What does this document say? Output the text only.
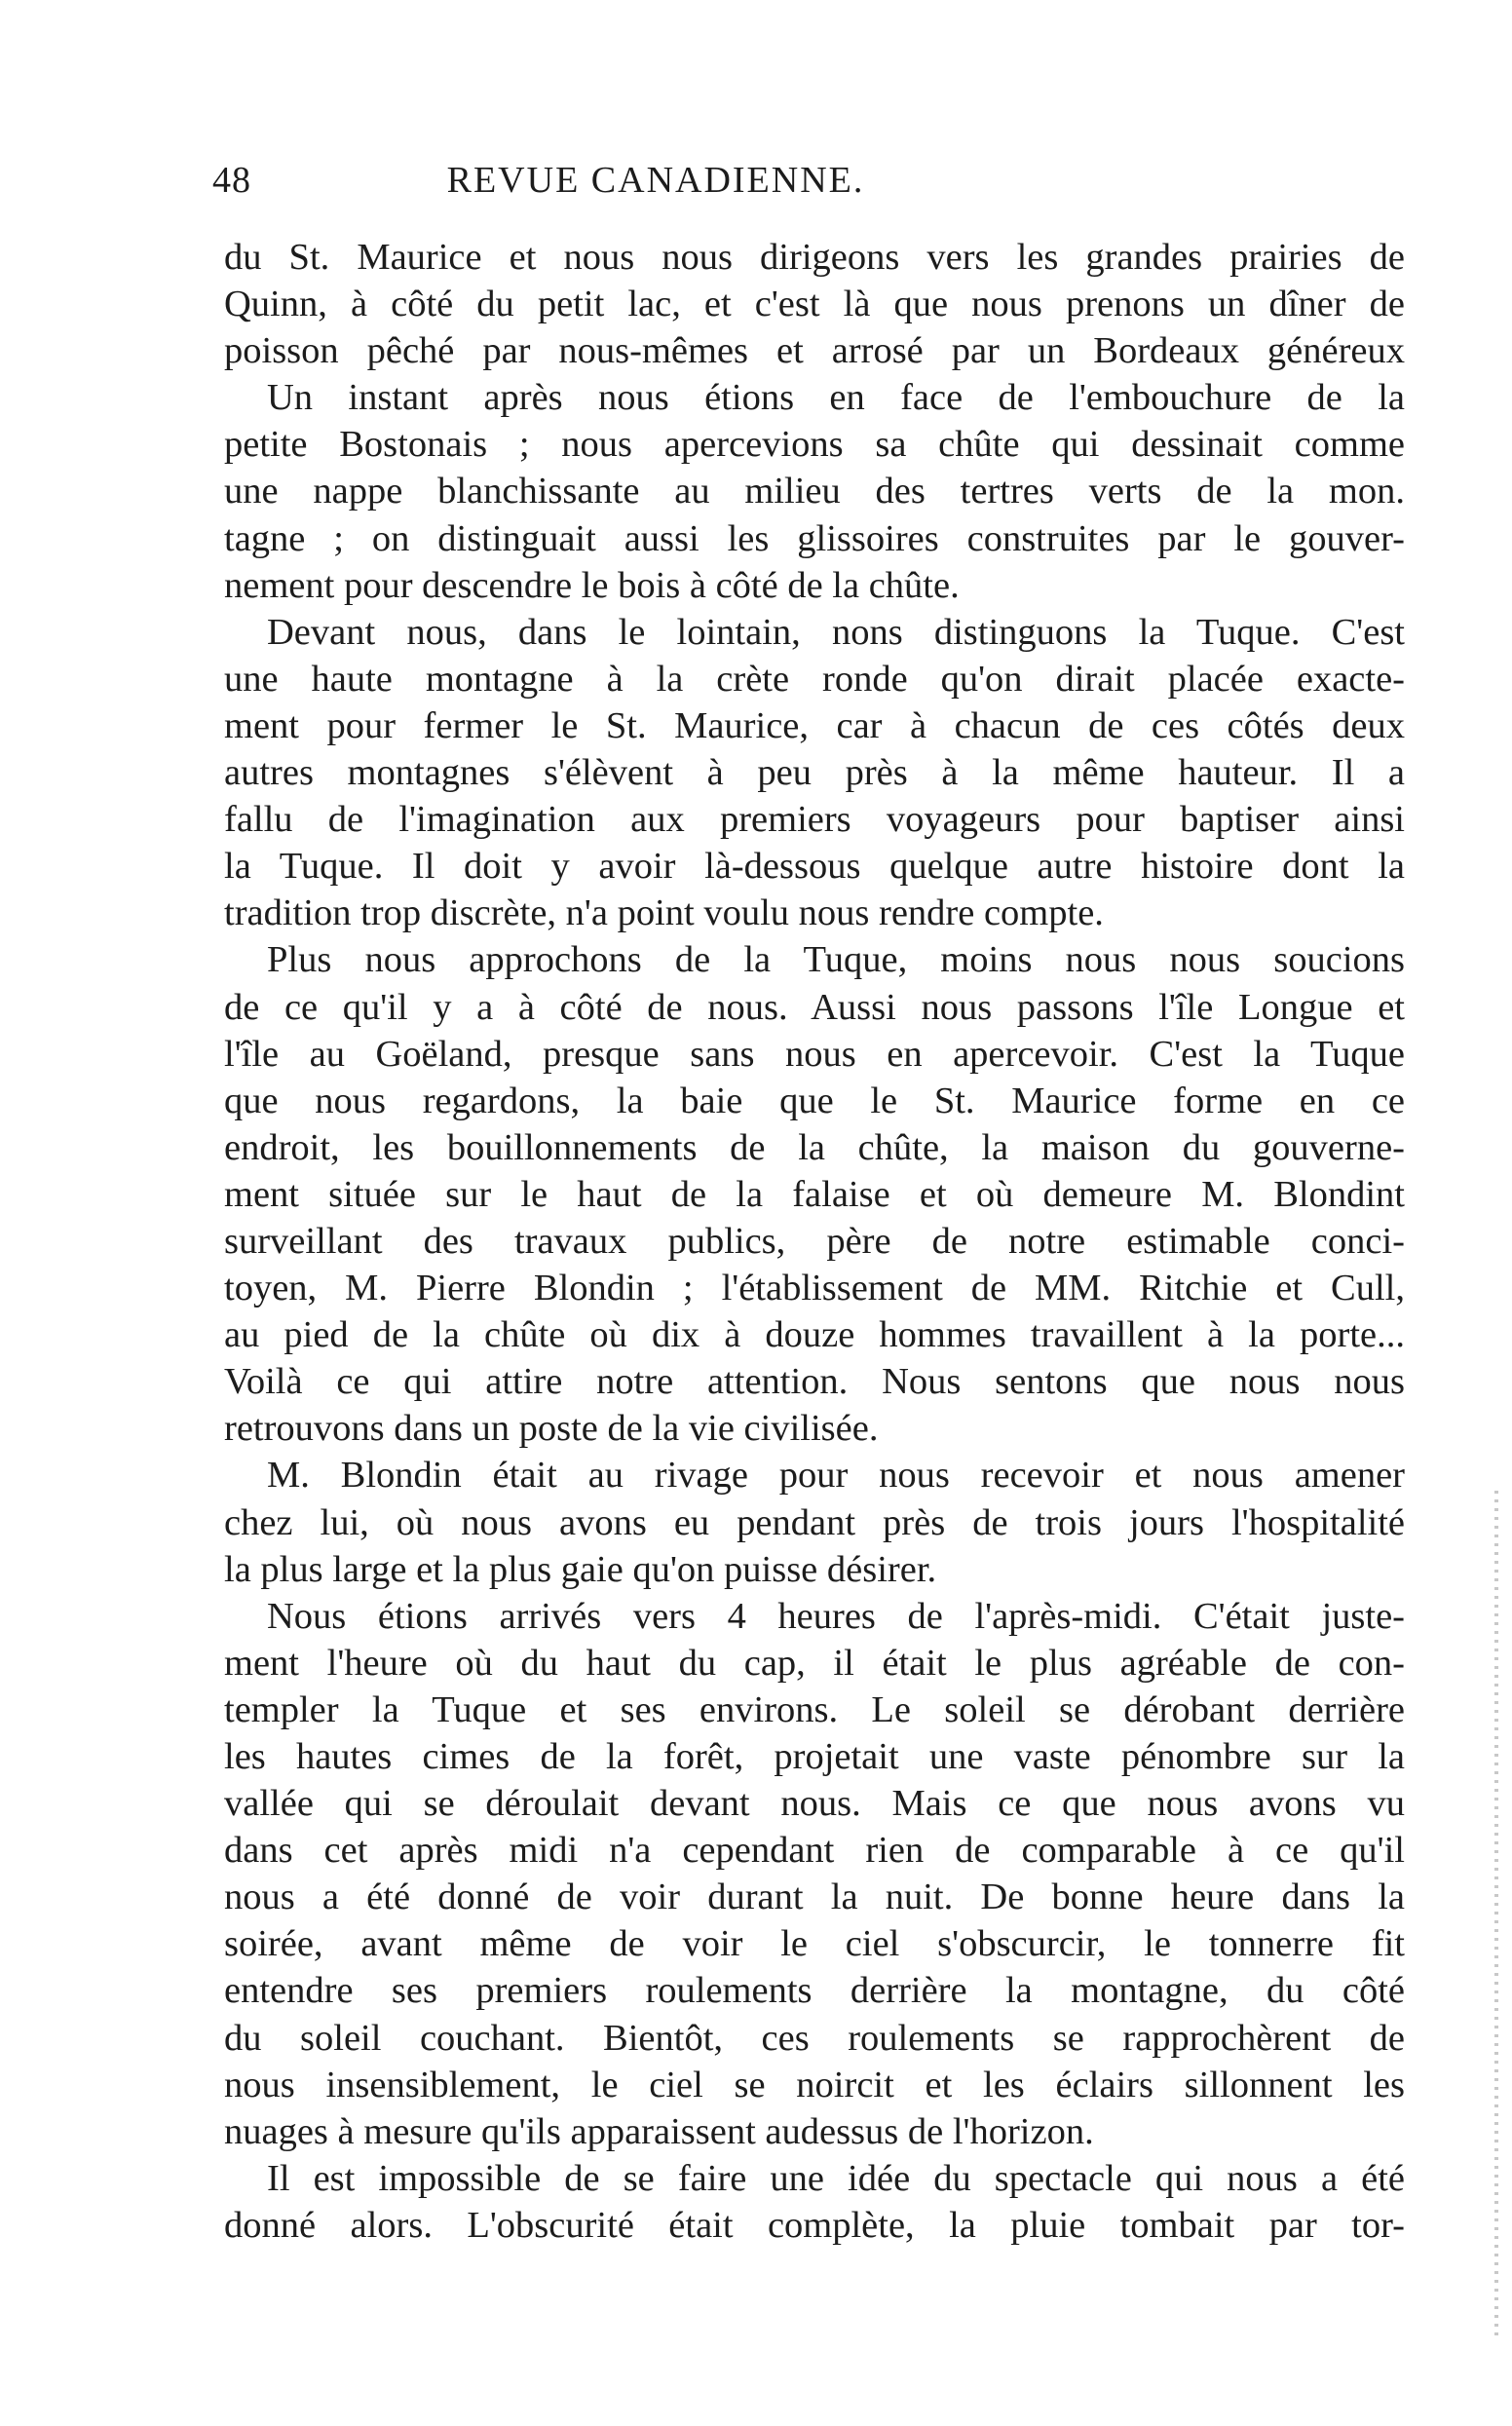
48	REVUE CANADIENNE.
du St. Maurice et nous nous dirigeons vers les grandes prairies de
Quinn, à côté du petit lac, et c'est là que nous prenons un dîner de
poisson pêché par nous-mêmes et arrosé par un Bordeaux généreux
Un instant après nous étions en face de l'embouchure de la
petite Bostonais ; nous apercevions sa chûte qui dessinait comme
une nappe blanchissante au milieu des tertres verts de la mon.
tagne ; on distinguait aussi les glissoires construites par le gouver-
nement pour descendre le bois à côté de la chûte.
Devant nous, dans le lointain, nons distinguons la Tuque. C'est
une haute montagne à la crète ronde qu'on dirait placée exacte-
ment pour fermer le St. Maurice, car à chacun de ces côtés deux
autres montagnes s'élèvent à peu près à la même hauteur. Il a
fallu de l'imagination aux premiers voyageurs pour baptiser ainsi
la Tuque. Il doit y avoir là-dessous quelque autre histoire dont la
tradition trop discrète, n'a point voulu nous rendre compte.
Plus nous approchons de la Tuque, moins nous nous soucions
de ce qu'il y a à côté de nous. Aussi nous passons l'île Longue et
l'île au Goëland, presque sans nous en apercevoir. C'est la Tuque
que nous regardons, la baie que le St. Maurice forme en ce
endroit, les bouillonnements de la chûte, la maison du gouverne-
ment située sur le haut de la falaise et où demeure M. Blondint
surveillant des travaux publics, père de notre estimable conci-
toyen, M. Pierre Blondin ; l'établissement de MM. Ritchie et Cull,
au pied de la chûte où dix à douze hommes travaillent à la porte...
Voilà ce qui attire notre attention. Nous sentons que nous nous
retrouvons dans un poste de la vie civilisée.
M. Blondin était au rivage pour nous recevoir et nous amener
chez lui, où nous avons eu pendant près de trois jours l'hospitalité
la plus large et la plus gaie qu'on puisse désirer.
Nous étions arrivés vers 4 heures de l'après-midi. C'était juste-
ment l'heure où du haut du cap, il était le plus agréable de con-
templer la Tuque et ses environs. Le soleil se dérobant derrière
les hautes cimes de la forêt, projetait une vaste pénombre sur la
vallée qui se déroulait devant nous. Mais ce que nous avons vu
dans cet après midi n'a cependant rien de comparable à ce qu'il
nous a été donné de voir durant la nuit. De bonne heure dans la
soirée, avant même de voir le ciel s'obscurcir, le tonnerre fit
entendre ses premiers roulements derrière la montagne, du côté
du soleil couchant. Bientôt, ces roulements se rapprochèrent de
nous insensiblement, le ciel se noircit et les éclairs sillonnent les
nuages à mesure qu'ils apparaissent audessus de l'horizon.
Il est impossible de se faire une idée du spectacle qui nous a été
donné alors. L'obscurité était complète, la pluie tombait par tor-
